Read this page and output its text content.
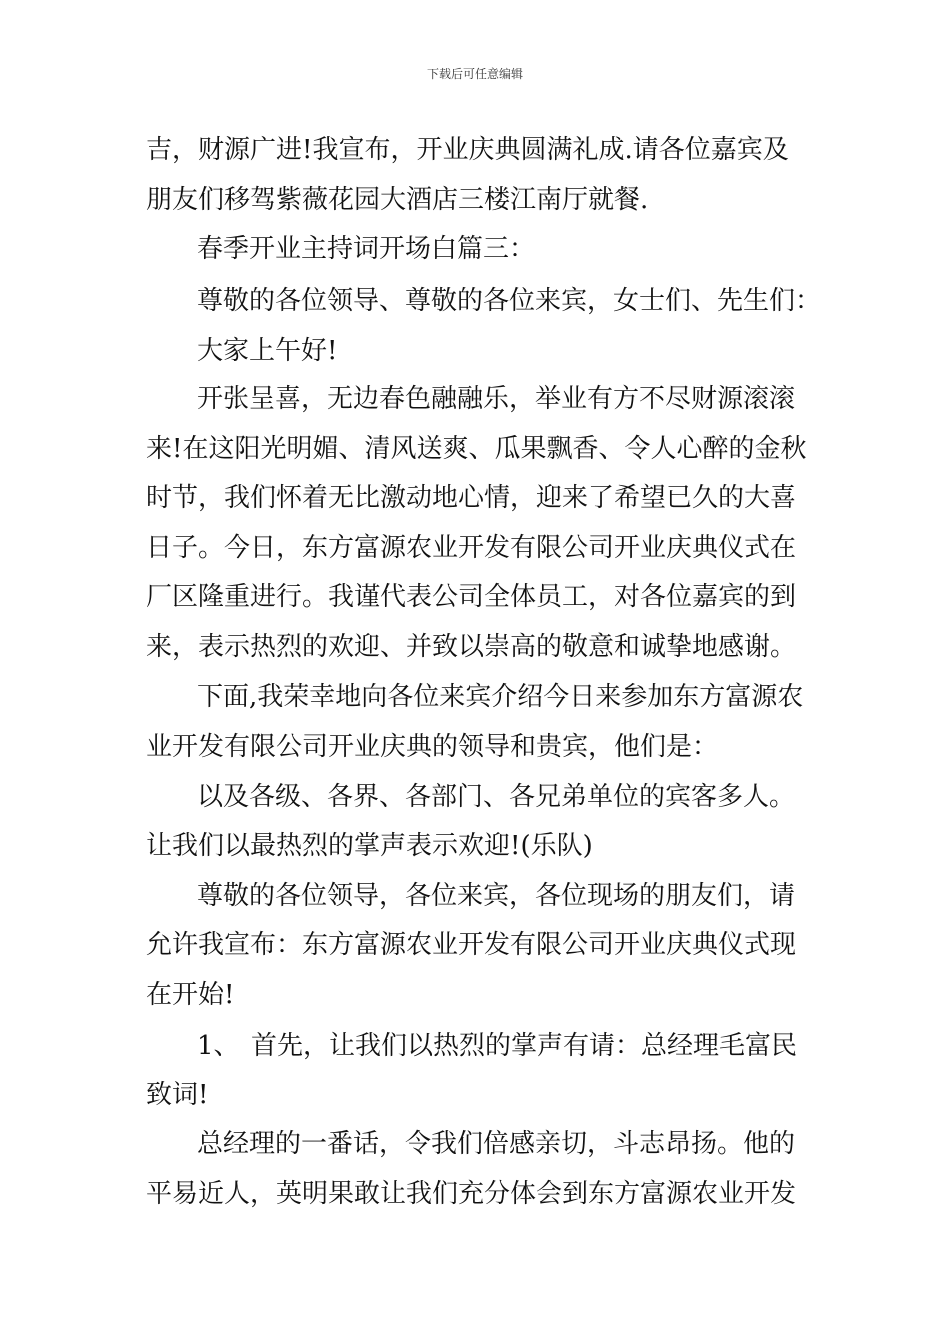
下载后可任意编辑
吉，财源广进!我宣布，开业庆典圆满礼成.请各位嘉宾及
朋友们移驾紫薇花园大酒店三楼江南厅就餐.
春季开业主持词开场白篇三：
尊敬的各位领导、尊敬的各位来宾，女士们、先生们：
大家上午好!
开张呈喜，无边春色融融乐，举业有方不尽财源滚滚
来!在这阳光明媚、清风送爽、瓜果飘香、令人心醉的金秋
时节，我们怀着无比激动地心情，迎来了希望已久的大喜
日子。今日，东方富源农业开发有限公司开业庆典仪式在
厂区隆重进行。我谨代表公司全体员工，对各位嘉宾的到
来，表示热烈的欢迎、并致以崇高的敬意和诚挚地感谢。
下面,我荣幸地向各位来宾介绍今日来参加东方富源农
业开发有限公司开业庆典的领导和贵宾，他们是：
以及各级、各界、各部门、各兄弟单位的宾客多人。
让我们以最热烈的掌声表示欢迎!(乐队)
尊敬的各位领导，各位来宾，各位现场的朋友们，请
允许我宣布：东方富源农业开发有限公司开业庆典仪式现
在开始!
1、 首先，让我们以热烈的掌声有请：总经理毛富民
致词!
总经理的一番话，令我们倍感亲切，斗志昂扬。他的
平易近人，英明果敢让我们充分体会到东方富源农业开发
